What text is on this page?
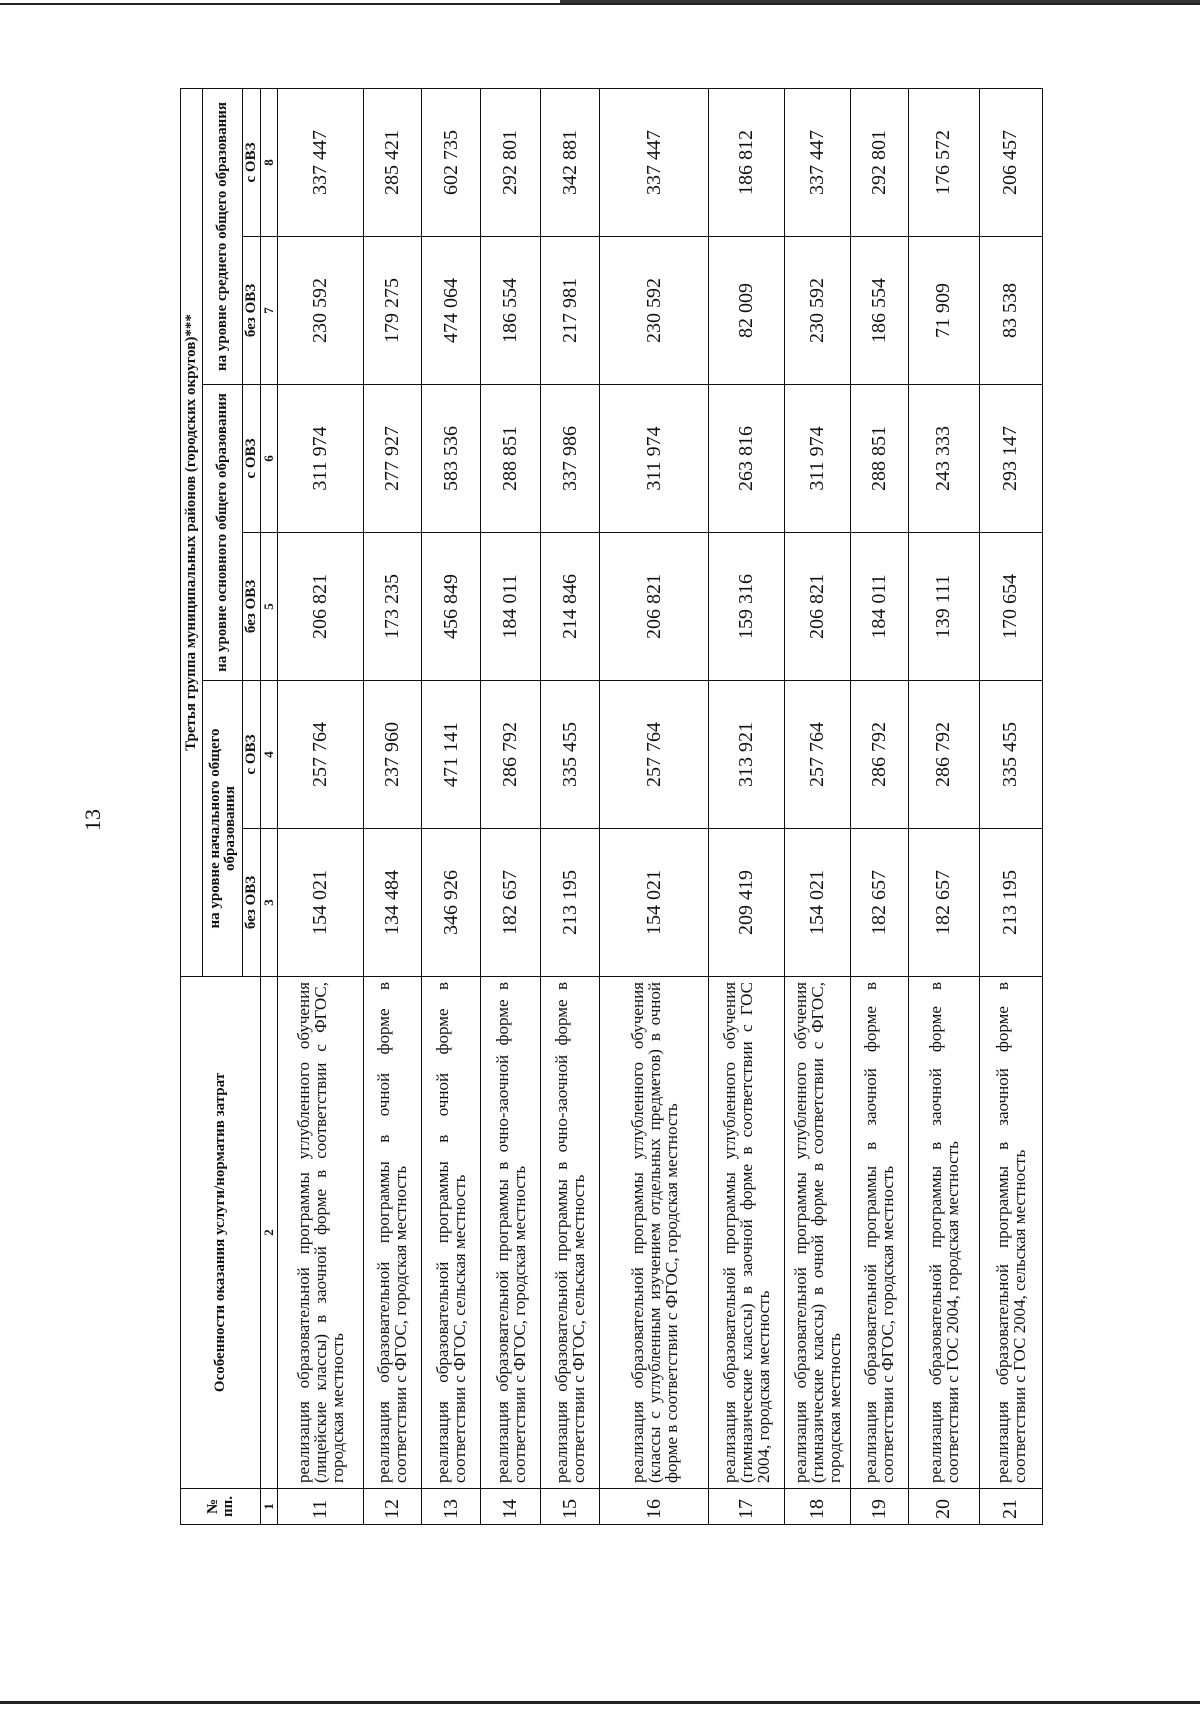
13
№ пп.	Особенности оказания услуги/норматив затрат	Третья группа муниципальных районов (городских округов)***					
		на уровне начального общего образования		на уровне основного общего образования		на уровне среднего общего образования	
		без ОВЗ	с ОВЗ	без ОВЗ	с ОВЗ	без ОВЗ	с ОВЗ
1	2	3	4	5	6	7	8
11	реализация образовательной программы углубленного обучения (лицейские классы) в заочной форме в соответствии с ФГОС, городская местность	154 021	257 764	206 821	311 974	230 592	337 447
12	реализация образовательной программы в очной форме в соответствии с ФГОС, городская местность	134 484	237 960	173 235	277 927	179 275	285 421
13	реализация образовательной программы в очной форме в соответствии с ФГОС, сельская местность	346 926	471 141	456 849	583 536	474 064	602 735
14	реализация образовательной программы в очно-заочной форме в соответствии с ФГОС, городская местность	182 657	286 792	184 011	288 851	186 554	292 801
15	реализация образовательной программы в очно-заочной форме в соответствии с ФГОС, сельская местность	213 195	335 455	214 846	337 986	217 981	342 881
16	реализация образовательной программы углубленного обучения (классы с углубленным изучением отдельных предметов) в очной форме в соответствии с ФГОС, городская местность	154 021	257 764	206 821	311 974	230 592	337 447
17	реализация образовательной программы углубленного обучения (гимназические классы) в заочной форме в соответствии с ГОС 2004, городская местность	209 419	313 921	159 316	263 816	82 009	186 812
18	реализация образовательной программы углубленного обучения (гимназические классы) в очной форме в соответствии с ФГОС, городская местность	154 021	257 764	206 821	311 974	230 592	337 447
19	реализация образовательной программы в заочной форме в соответствии с ФГОС, городская местность	182 657	286 792	184 011	288 851	186 554	292 801
20	реализация образовательной программы в заочной форме в соответствии с ГОС 2004, городская местность	182 657	286 792	139 111	243 333	71 909	176 572
21	реализация образовательной программы в заочной форме в соответствии с ГОС 2004, сельская местность	213 195	335 455	170 654	293 147	83 538	206 457
